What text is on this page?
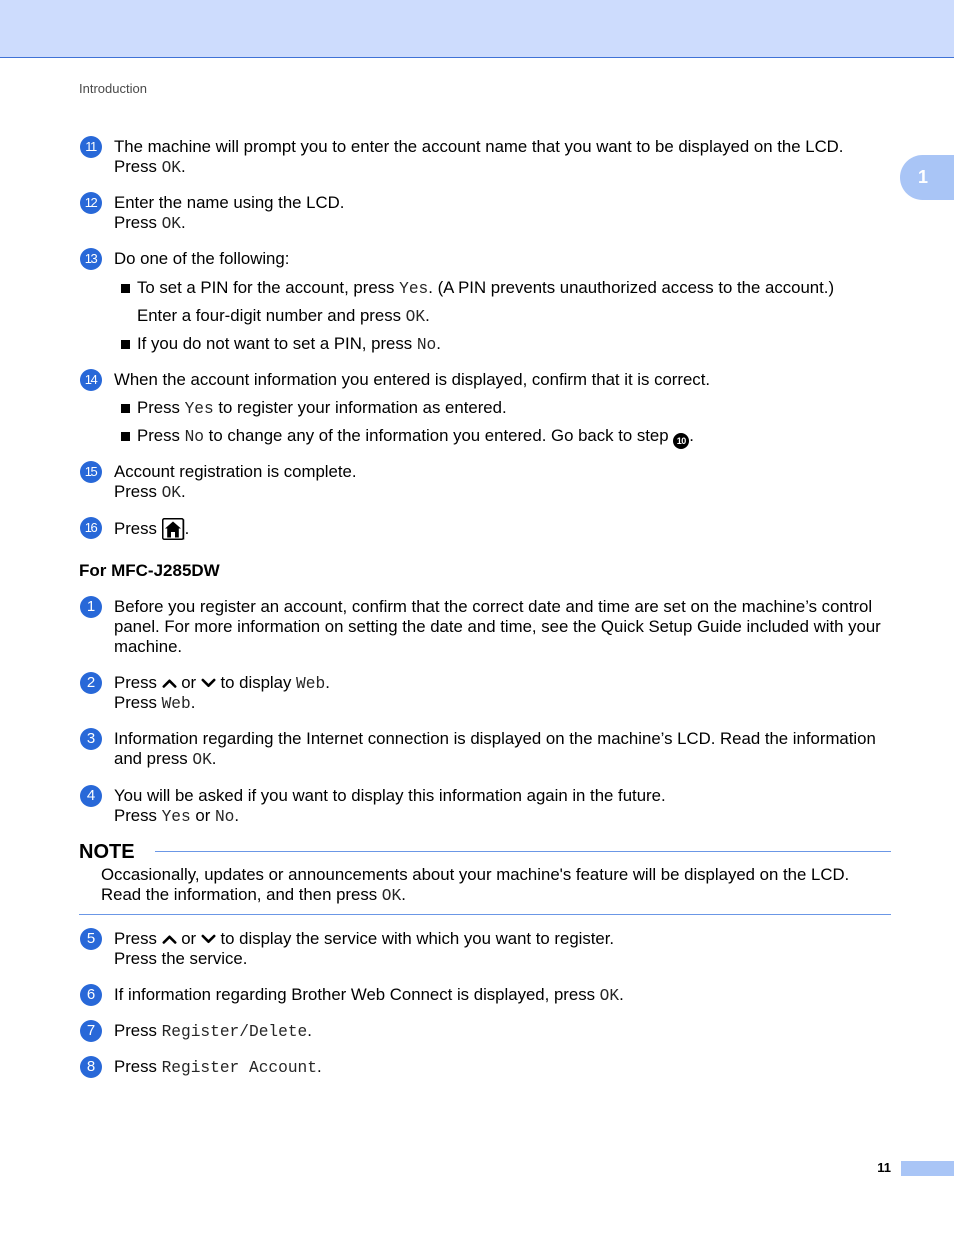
Introduction
1
11	The machine will prompt you to enter the account name that you want to be displayed on the LCD.
Press OK.
12	Enter the name using the LCD.
Press OK.
13	Do one of the following:
To set a PIN for the account, press Yes. (A PIN prevents unauthorized access to the account.)
Enter a four-digit number and press OK.
If you do not want to set a PIN, press No.
14	When the account information you entered is displayed, confirm that it is correct.
Press Yes to register your information as entered.
Press No to change any of the information you entered. Go back to step 10 .
15	Account registration is complete.
Press OK.
16	Press .
For MFC-J285DW
1	Before you register an account, confirm that the correct date and time are set on the machine’s control
panel. For more information on setting the date and time, see the Quick Setup Guide included with your
machine.
2	Press  or  to display Web.
Press Web.
3	Information regarding the Internet connection is displayed on the machine’s LCD. Read the information
and press OK.
4	You will be asked if you want to display this information again in the future.
Press Yes or No.
NOTE
Occasionally, updates or announcements about your machine's feature will be displayed on the LCD.
Read the information, and then press OK.
5	Press  or  to display the service with which you want to register.
Press the service.
6	If information regarding Brother Web Connect is displayed, press OK.
7	Press Register/Delete.
8	Press Register Account.
11
